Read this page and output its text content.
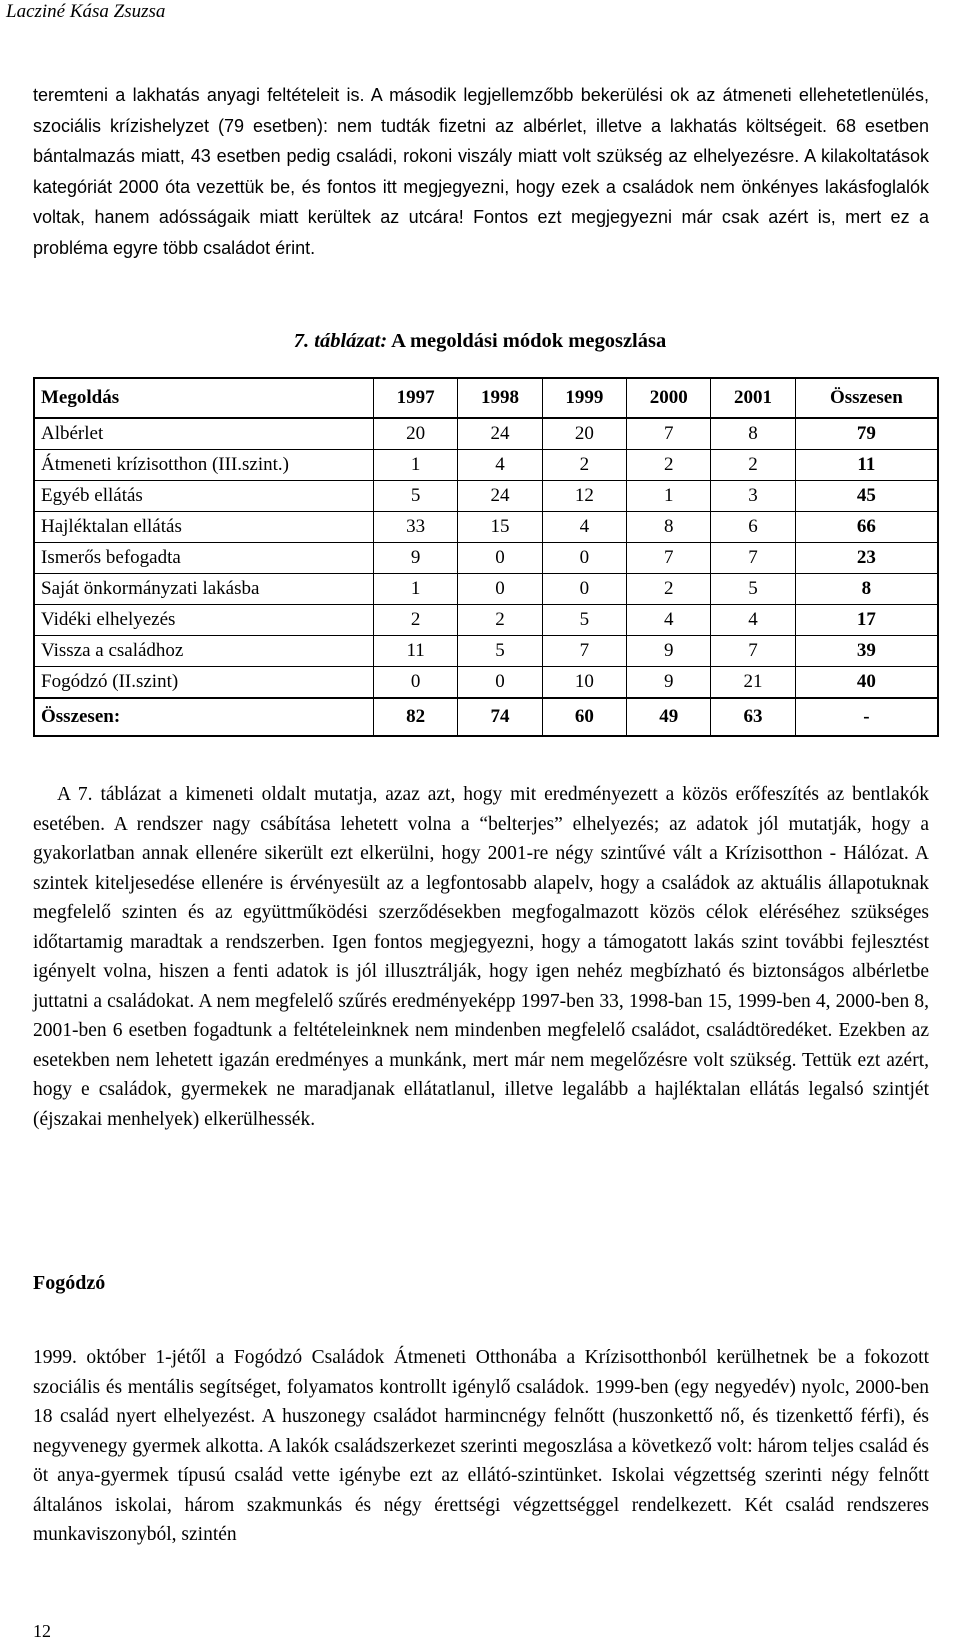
Lacziné Kása Zsuzsa

teremteni a lakhatás anyagi feltételeit is. A második legjellemzőbb bekerülési ok az átmeneti ellehetetlenülés, szociális krízishelyzet (79 esetben): nem tudták fizetni az albérlet, illetve a lakhatás költségeit. 68 esetben bántalmazás miatt, 43 esetben pedig családi, rokoni viszály miatt volt szükség az elhelyezésre. A kilakoltatások kategóriát 2000 óta vezettük be, és fontos itt megjegyezni, hogy ezek a családok nem önkényes lakásfoglalók voltak, hanem adósságaik miatt kerültek az utcára! Fontos ezt megjegyezni már csak azért is, mert ez a probléma egyre több családot érint.

7. táblázat: A megoldási módok megoszlása
Megoldás	1997	1998	1999	2000	2001	Összesen
Albérlet	20	24	20	7	8	79
Átmeneti krízisotthon (III.szint.)	1	4	2	2	2	11
Egyéb ellátás	5	24	12	1	3	45
Hajléktalan ellátás	33	15	4	8	6	66
Ismerős befogadta	9	0	0	7	7	23
Saját önkormányzati lakásba	1	0	0	2	5	8
Vidéki elhelyezés	2	2	5	4	4	17
Vissza a családhoz	11	5	7	9	7	39
Fogódzó (II.szint)	0	0	10	9	21	40
Összesen:	82	74	60	49	63	-

A 7. táblázat a kimeneti oldalt mutatja, azaz azt, hogy mit eredményezett a közös erőfeszítés az bentlakók esetében. A rendszer nagy csábítása lehetett volna a “belterjes” elhelyezés; az adatok jól mutatják, hogy a gyakorlatban annak ellenére sikerült ezt elkerülni, hogy 2001-re négy szintűvé vált a Krízisotthon - Hálózat. A szintek kiteljesedése ellenére is érvényesült az a legfontosabb alapelv, hogy a családok az aktuális állapotuknak megfelelő szinten és az együttműködési szerződésekben megfogalmazott közös célok eléréséhez szükséges időtartamig maradtak a rendszerben. Igen fontos megjegyezni, hogy a támogatott lakás szint további fejlesztést igényelt volna, hiszen a fenti adatok is jól illusztrálják, hogy igen nehéz megbízható és biztonságos albérletbe juttatni a családokat. A nem megfelelő szűrés eredményeképp 1997-ben 33, 1998-ban 15, 1999-ben 4, 2000-ben 8, 2001-ben 6 esetben fogadtunk a feltételeinknek nem mindenben megfelelő családot, családtöredéket. Ezekben az esetekben nem lehetett igazán eredményes a munkánk, mert már nem megelőzésre volt szükség. Tettük ezt azért, hogy e családok, gyermekek ne maradjanak ellátatlanul, illetve legalább a hajléktalan ellátás legalsó szintjét (éjszakai menhelyek) elkerülhessék.

Fogódzó

1999. október 1-jétől a Fogódzó Családok Átmeneti Otthonába a Krízisotthonból kerülhetnek be a fokozott szociális és mentális segítséget, folyamatos kontrollt igénylő családok. 1999-ben (egy negyedév) nyolc, 2000-ben 18 család nyert elhelyezést. A huszonegy családot harmincnégy felnőtt (huszonkettő nő, és tizenkettő férfi), és negyvenegy gyermek alkotta. A lakók családszerkezet szerinti megoszlása a következő volt: három teljes család és öt anya-gyermek típusú család vette igénybe ezt az ellátó-szintünket. Iskolai végzettség szerinti négy felnőtt általános iskolai, három szakmunkás és négy érettségi végzettséggel rendelkezett. Két család rendszeres munkaviszonyból, szintén

12
